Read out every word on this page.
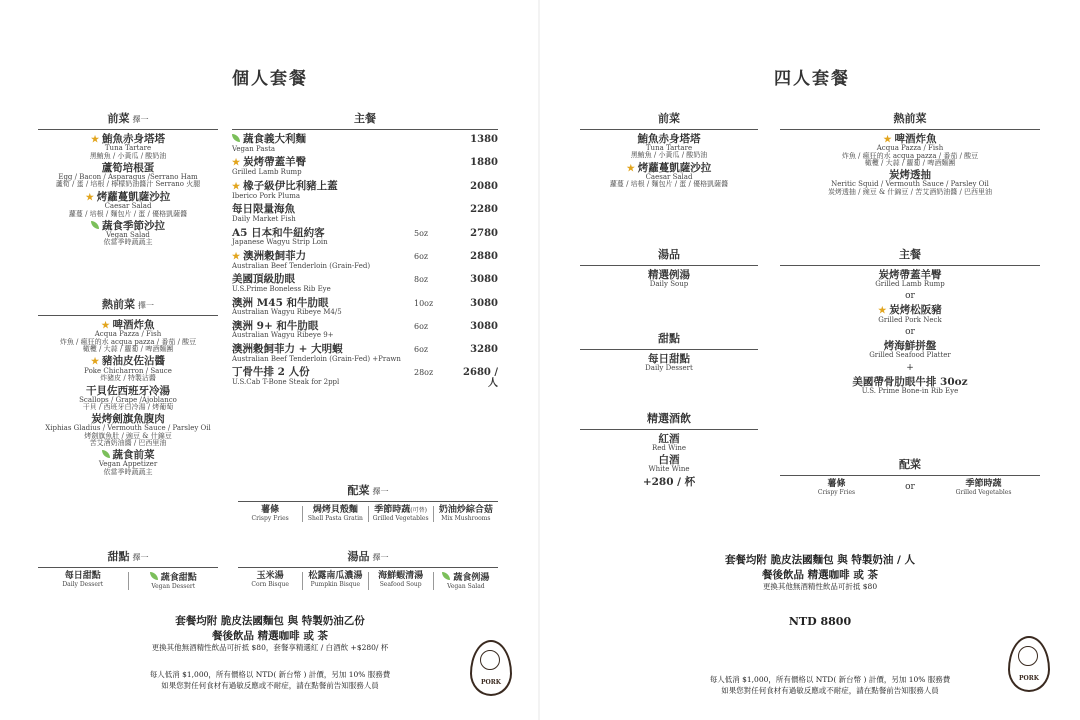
個人套餐
前菜 擇一
★ 鮪魚赤身塔塔
Tuna Tartare
黑鮪魚 / 小黃瓜 / 酸奶油
蘆筍培根蛋
Egg / Bacon / Asparagus /Serrano Ham
蘆筍 / 蛋 / 培根 / 檸檬奶油醬汁 Serrano 火腿
★ 烤蘿蔓凱薩沙拉
Caesar Salad
蘿蔓 / 培根 / 麵包片 / 蛋 / 優格凱薩醬
蔬食季節沙拉
Vegan Salad
依當季時蔬蔬主
熱前菜 擇一
★ 啤酒炸魚
Acqua Pazza / Fish
炸魚 / 瘋狂的水 acqua pazza / 番茄 / 酸豆
橄欖 / 大蒜 / 蘿蔔 / 啤酒麵團
★ 豬油皮佐沾醬
Poke Chicharron / Sauce
炸豬皮 / 特製沾醬
干貝佐西班牙冷湯
Scallops / Grape /Ajoblanco
干貝 / 西班牙白冷湯 / 烤葡萄
炭烤劍旗魚腹肉
Xiphias Gladius / Vermouth Sauce / Parsley Oil
烤劍旗魚肚 / 豌豆 & 什錦豆
苦艾酒奶油醬 / 巴西里油
蔬食前菜
Vegan Appetizer
依當季時蔬蔬主
主餐
蔬食義大利麵
Vegan Pasta
1380
★ 炭烤帶蓋羊臀
Grilled Lamb Rump
1880
★ 橡子級伊比利豬上蓋
Iberico Pork Pluma
2080
每日限量海魚
Daily Market Fish
2280
A5 日本和牛紐約客
Japanese Wagyu Strip Loin
5oz	2780
★ 澳洲穀飼菲力
Australian Beef Tenderloin (Grain-Fed)
6oz	2880
美國頂級肋眼
U.S.Prime Boneless Rib Eye
8oz	3080
澳洲 M45 和牛肋眼
Australian Wagyu Ribeye M4/5
10oz	3080
澳洲 9+ 和牛肋眼
Australian Wagyu Ribeye 9+
6oz	3080
澳洲穀飼菲力 + 大明蝦
Australian Beef Tenderloin (Grain-Fed) +Prawn
6oz	3280
丁骨牛排 2 人份
U.S.Cab T-Bone Steak for 2ppl
28oz	2680 / 人
配菜 擇一
薯條
Crispy Fries
焗烤貝殼麵
Shell Pasta Gratin
季節時蔬(可替)
Grilled Vegetables
奶油炒綜合菇
Mix Mushrooms
甜點 擇一
每日甜點
Daily Dessert
蔬食甜點
Vegan Dessert
湯品 擇一
玉米湯
Corn Bisque
松露南瓜濃湯
Pumpkin Bisque
海鮮蝦清湯
Seafood Soup
蔬食例湯
Vegan Salad
套餐均附 脆皮法國麵包 與 特製奶油乙份
餐後飲品 精選咖啡 或 茶
更換其他無酒精性飲品可折抵 $80，套餐享精選紅 / 白酒飲 +$280/ 杯
每人低消 $1,000，所有價格以 NTD( 新台幣 ) 計價，另加 10% 服務費
如果您對任何食材有過敏反應或不耐症，請在點餐前告知服務人員	PORK
四人套餐
前菜
鮪魚赤身塔塔
Tuna Tartare
黑鮪魚 / 小黃瓜 / 酸奶油
★ 烤蘿蔓凱薩沙拉
Caesar Salad
蘿蔓 / 培根 / 麵包片 / 蛋 / 優格凱薩醬
湯品
精選例湯
Daily Soup
甜點
每日甜點
Daily Dessert
精選酒飲
紅酒
Red Wine
白酒
White Wine
+280 / 杯
熱前菜
★ 啤酒炸魚
Acqua Pazza / Fish
炸魚 / 瘋狂的水 acqua pazza / 番茄 / 酸豆
橄欖 / 大蒜 / 蘿蔔 / 啤酒麵團
炭烤透抽
Neritic Squid / Vermouth Sauce / Parsley Oil
炭烤透抽 / 豌豆 & 什錦豆 / 苦艾酒奶油醬 / 巴西里油
主餐
炭烤帶蓋羊臀
Grilled Lamb Rump
or
★ 炭烤松阪豬
Grilled Pork Neck
or
烤海鮮拼盤
Grilled Seafood Platter
+
美國帶骨肋眼牛排 30oz
U.S. Prime Bone-in Rib Eye
配菜
薯條
Crispy Fries
or	季節時蔬
Grilled Vegetables
套餐均附 脆皮法國麵包 與 特製奶油 / 人
餐後飲品 精選咖啡 或 茶
更換其他無酒精性飲品可折抵 $80
NTD 8800
每人低消 $1,000，所有價格以 NTD( 新台幣 ) 計價，另加 10% 服務費
如果您對任何食材有過敏反應或不耐症，請在點餐前告知服務人員
PORK
